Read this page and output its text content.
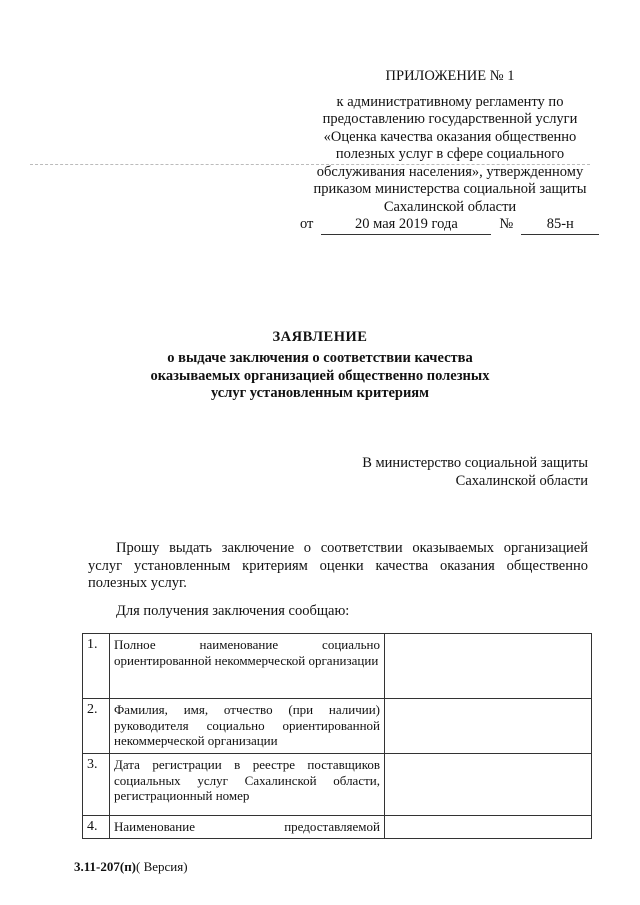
ПРИЛОЖЕНИЕ № 1
к административному регламенту по
предоставлению государственной услуги
«Оценка качества оказания общественно
полезных услуг в сфере социального
обслуживания населения», утвержденному
приказом министерства социальной защиты
Сахалинской области
от	20 мая 2019 года	№ 85-н
ЗАЯВЛЕНИЕ
о выдаче заключения о соответствии качества
оказываемых организацией общественно полезных
услуг установленным критериям
В министерство социальной защиты
Сахалинской области
Прошу выдать заключение о соответствии оказываемых организацией услуг установленным критериям оценки качества оказания общественно полезных услуг.
Для получения заключения сообщаю:
1.	Полное наименование социально ориентированной некоммерческой организации	
2.	Фамилия, имя, отчество (при наличии) руководителя социально ориентированной некоммерческой организации	
3.	Дата регистрации в реестре поставщиков социальных услуг Сахалинской области, регистрационный номер	
4.	Наименование предоставляемой	

3.11-207(п)( Версия)
